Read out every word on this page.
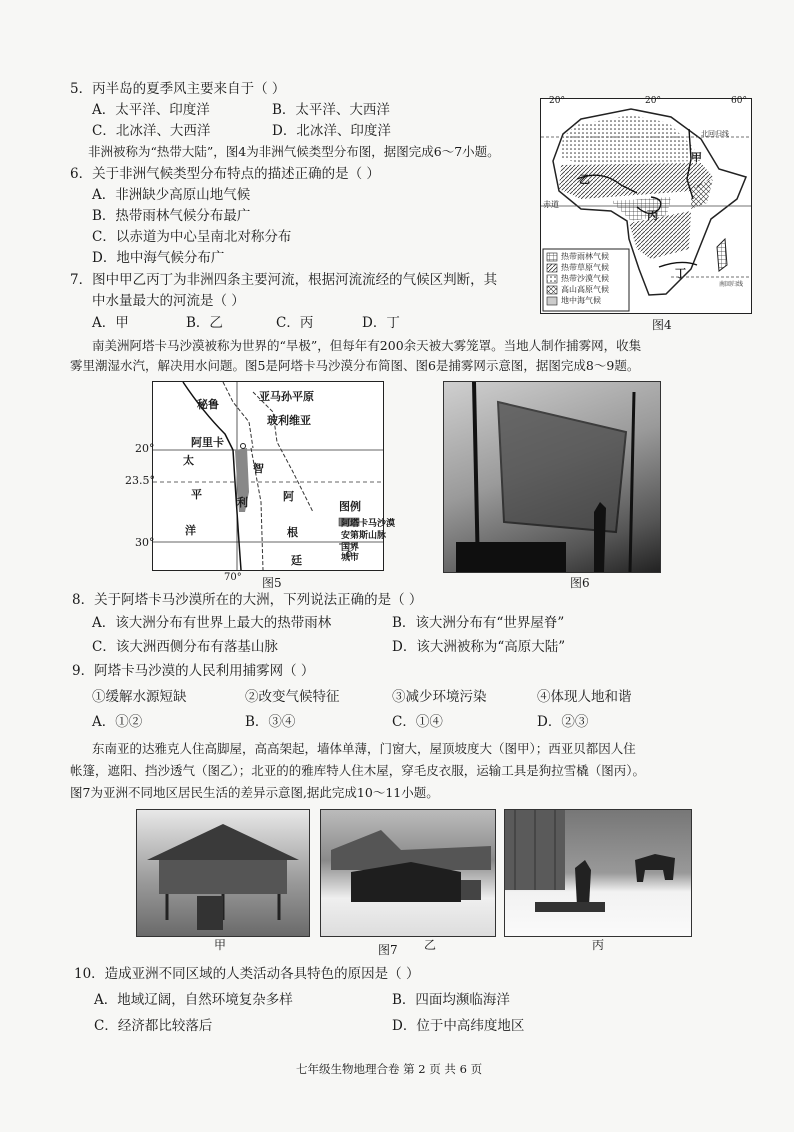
5．丙半岛的夏季风主要来自于（ ）
A．太平洋、印度洋	B．太平洋、大西洋
C．北冰洋、大西洋	D．北冰洋、印度洋
非洲被称为“热带大陆”，图4为非洲气候类型分布图，据图完成6～7小题。
6．关于非洲气候类型分布特点的描述正确的是（ ）
A．非洲缺少高原山地气候
B．热带雨林气候分布最广
C．以赤道为中心呈南北对称分布
D．地中海气候分布广
7．图中甲乙丙丁为非洲四条主要河流，根据河流流经的气候区判断，其
中水量最大的河流是（ ）
A．甲	B．乙	C．丙	D．丁
20°	20°	60°
北回归线
赤道
南回归线
甲
乙
丙
丁
热带雨林气候
热带草原气候
热带沙漠气候
高山高原气候
地中海气候
图4
南美洲阿塔卡马沙漠被称为世界的“旱极”，但每年有200余天被大雾笼罩。当地人制作捕雾网，收集
雾里潮湿水汽，解决用水问题。图5是阿塔卡马沙漠分布简图、图6是捕雾网示意图，据图完成8～9题。
秘鲁
亚马孙平原
玻利维亚
阿里卡
20°
23.5°
30°
太
平
洋
智
利	阿
根
廷
图例
阿塔卡马沙漠
安第斯山脉
国界
城市
70° 图5	图6
8．关于阿塔卡马沙漠所在的大洲，下列说法正确的是（ ）
A．该大洲分布有世界上最大的热带雨林	B．该大洲分布有“世界屋脊”
C．该大洲西侧分布有落基山脉	D．该大洲被称为“高原大陆”
9．阿塔卡马沙漠的人民利用捕雾网（ ）
①缓解水源短缺	②改变气候特征	③减少环境污染	④体现人地和谐
A．①②	B．③④	C．①④	D．②③
东南亚的达雅克人住高脚屋，高高架起，墙体单薄，门窗大，屋顶坡度大（图甲）；西亚贝都因人住
帐篷，遮阳、挡沙透气（图乙）；北亚的的雅库特人住木屋，穿毛皮衣服，运输工具是狗拉雪橇（图丙）。
图7为亚洲不同地区居民生活的差异示意图,据此完成10～11小题。
甲	图7 乙	丙
10．造成亚洲不同区域的人类活动各具特色的原因是（ ）
A．地域辽阔，自然环境复杂多样	B．四面均濒临海洋
C．经济都比较落后	D．位于中高纬度地区
七年级生物地理合卷 第 2 页 共 6 页
